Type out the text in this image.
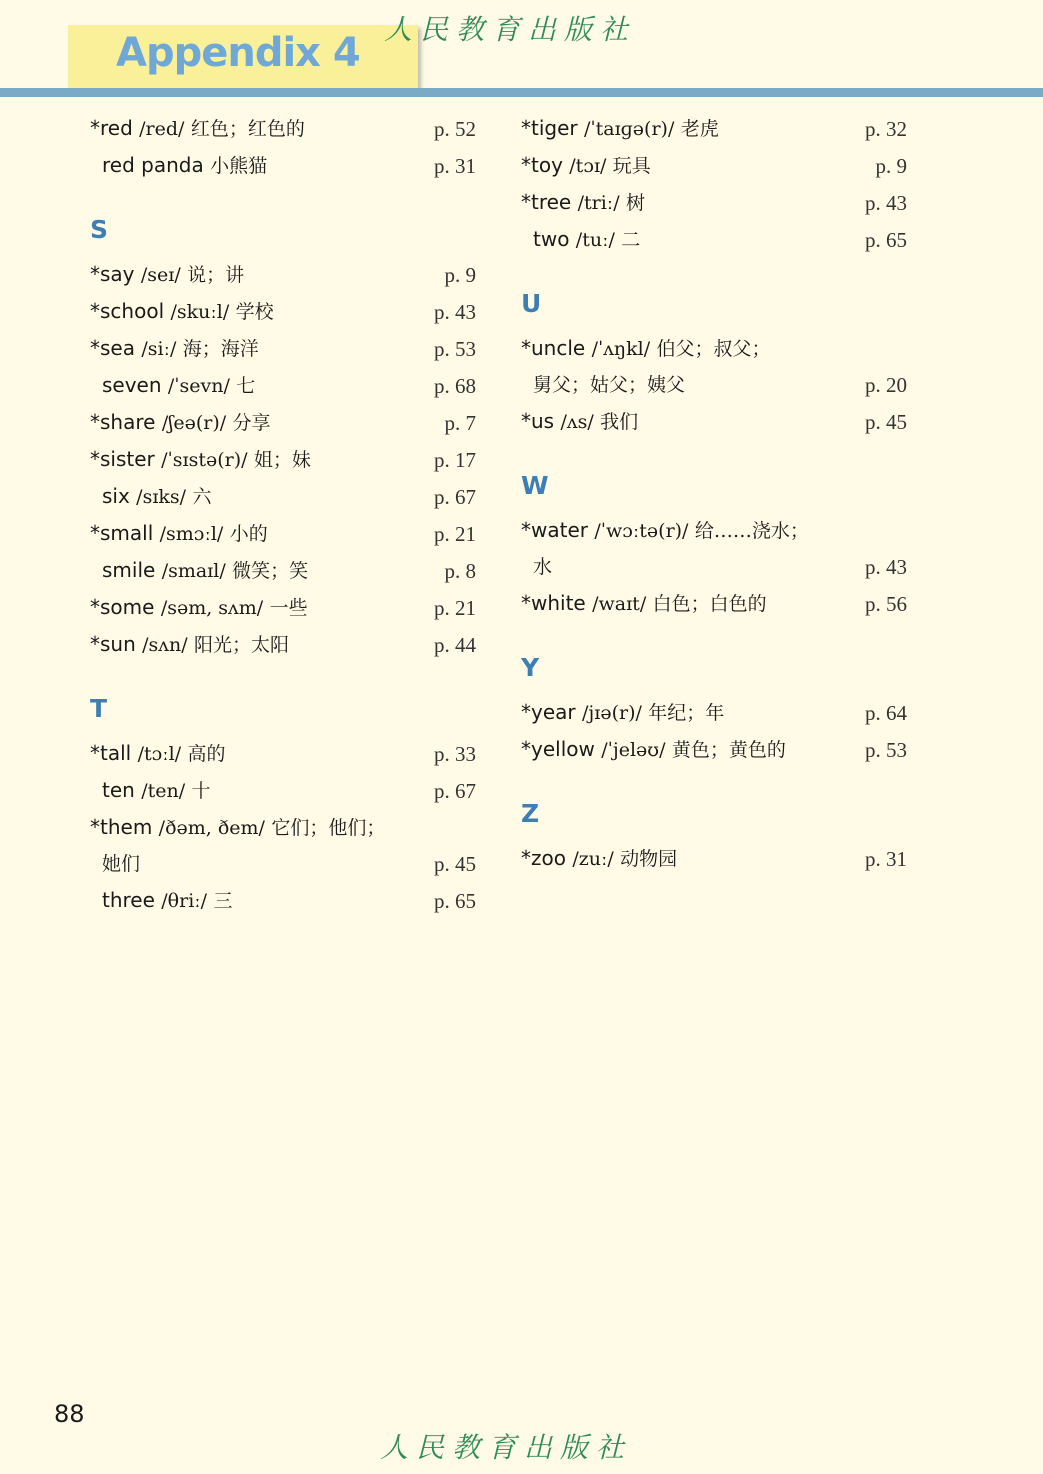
Appendix 4
人民教育出版社
*red /red/ 红色；红色的	p. 52
red panda 小熊猫	p. 31
S
*say /seɪ/ 说；讲	p. 9
*school /skuːl/ 学校	p. 43
*sea /siː/ 海；海洋	p. 53
seven /ˈsevn/ 七	p. 68
*share /ʃeə(r)/ 分享	p. 7
*sister /ˈsɪstə(r)/ 姐；妹	p. 17
six /sɪks/ 六	p. 67
*small /smɔːl/ 小的	p. 21
smile /smaɪl/ 微笑；笑	p. 8
*some /səm, sʌm/ 一些	p. 21
*sun /sʌn/ 阳光；太阳	p. 44
T
*tall /tɔːl/ 高的	p. 33
ten /ten/ 十	p. 67
*them /ðəm, ðem/ 它们；他们；
她们	p. 45
three /θriː/ 三	p. 65
*tiger /ˈtaɪɡə(r)/ 老虎	p. 32
*toy /tɔɪ/ 玩具	p. 9
*tree /triː/ 树	p. 43
two /tuː/ 二	p. 65
U
*uncle /ˈʌŋkl/ 伯父；叔父；
舅父；姑父；姨父	p. 20
*us /ʌs/ 我们	p. 45
W
*water /ˈwɔːtə(r)/ 给……浇水；
水	p. 43
*white /waɪt/ 白色；白色的	p. 56
Y
*year /jɪə(r)/ 年纪；年	p. 64
*yellow /ˈjeləʊ/ 黄色；黄色的	p. 53
Z
*zoo /zuː/ 动物园	p. 31
88
人民教育出版社
